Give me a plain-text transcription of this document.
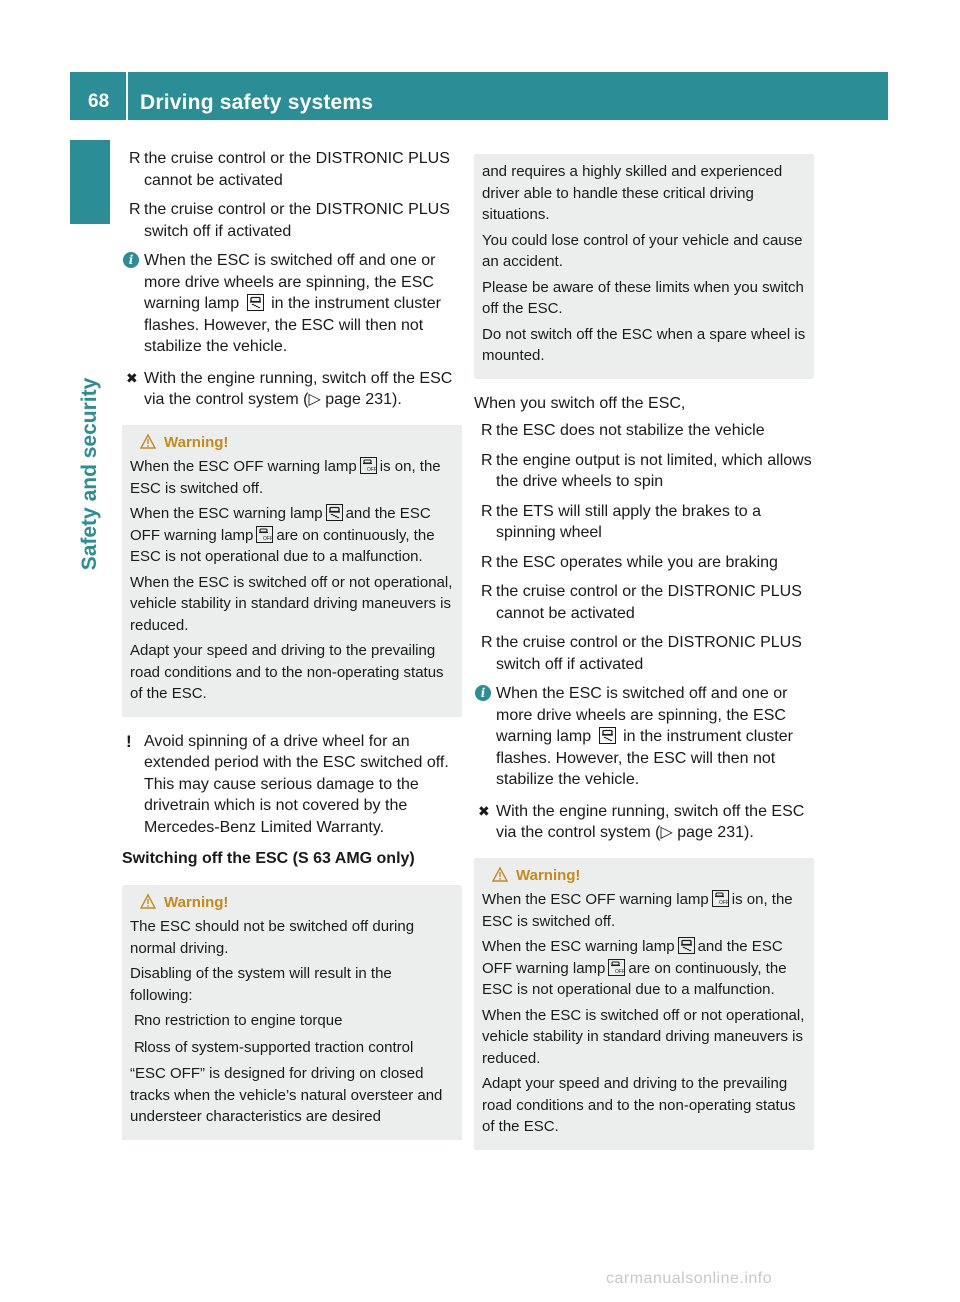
68 Driving safety systems
Safety and security
R the cruise control or the DISTRONIC PLUS cannot be activated
R the cruise control or the DISTRONIC PLUS switch off if activated
i When the ESC is switched off and one or more drive wheels are spinning, the ESC warning lamp in the instrument cluster flashes. However, the ESC will then not stabilize the vehicle.
✖ With the engine running, switch off the ESC via the control system (▷ page 231).
Warning!

When the ESC OFF warning lamp OFF is on, the ESC is switched off.

When the ESC warning lamp and the ESC OFF warning lamp OFF are on continuously, the ESC is not operational due to a malfunction.

When the ESC is switched off or not operational, vehicle stability in standard driving maneuvers is reduced.

Adapt your speed and driving to the prevailing road conditions and to the non-operating status of the ESC.

! Avoid spinning of a drive wheel for an extended period with the ESC switched off. This may cause serious damage to the drivetrain which is not covered by the Mercedes-Benz Limited Warranty.
Switching off the ESC (S 63 AMG only)
Warning!

The ESC should not be switched off during normal driving.

Disabling of the system will result in the following:

R no restriction to engine torque
R loss of system-supported traction control

“ESC OFF” is designed for driving on closed tracks when the vehicle’s natural oversteer and understeer characteristics are desired

and requires a highly skilled and experienced driver able to handle these critical driving situations.

You could lose control of your vehicle and cause an accident.

Please be aware of these limits when you switch off the ESC.

Do not switch off the ESC when a spare wheel is mounted.

When you switch off the ESC,
R the ESC does not stabilize the vehicle
R the engine output is not limited, which allows the drive wheels to spin
R the ETS will still apply the brakes to a spinning wheel
R the ESC operates while you are braking
R the cruise control or the DISTRONIC PLUS cannot be activated
R the cruise control or the DISTRONIC PLUS switch off if activated
i When the ESC is switched off and one or more drive wheels are spinning, the ESC warning lamp in the instrument cluster flashes. However, the ESC will then not stabilize the vehicle.
✖ With the engine running, switch off the ESC via the control system (▷ page 231).
Warning!

When the ESC OFF warning lamp OFF is on, the ESC is switched off.

When the ESC warning lamp and the ESC OFF warning lamp OFF are on continuously, the ESC is not operational due to a malfunction.

When the ESC is switched off or not operational, vehicle stability in standard driving maneuvers is reduced.

Adapt your speed and driving to the prevailing road conditions and to the non-operating status of the ESC.

carmanualsonline.info
